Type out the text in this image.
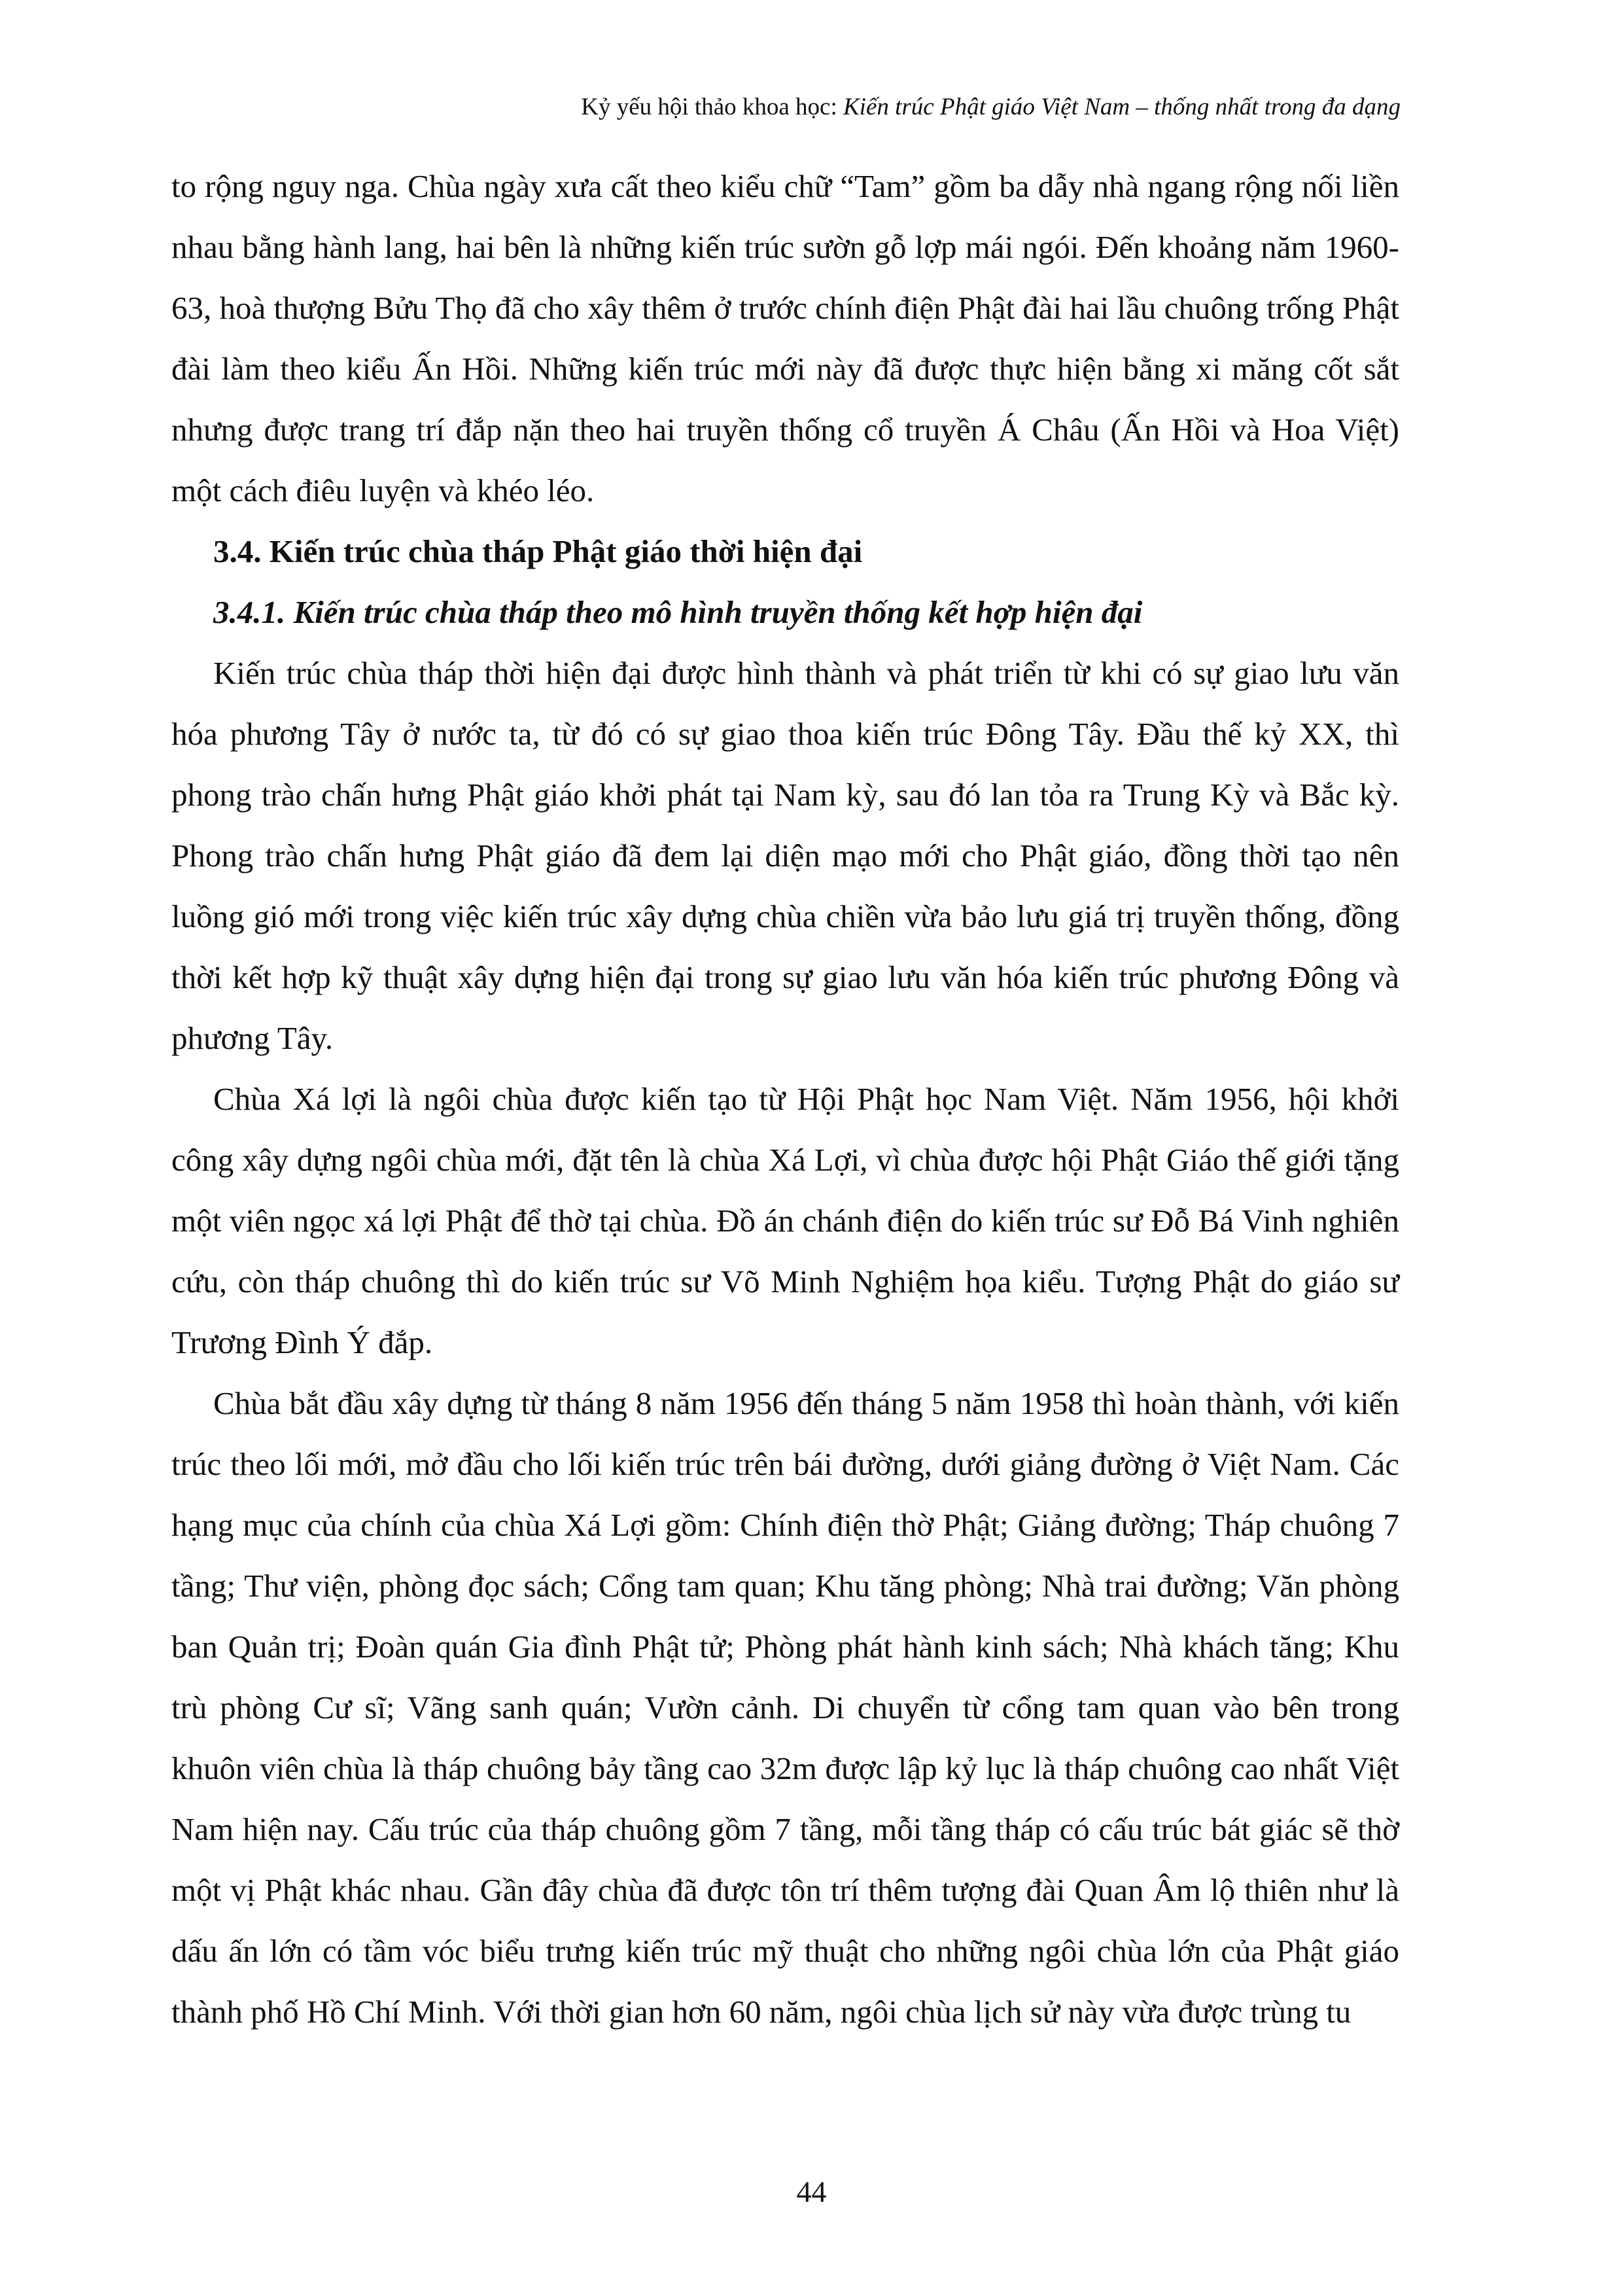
Kỷ yếu hội thảo khoa học: Kiến trúc Phật giáo Việt Nam – thống nhất trong đa dạng

to rộng nguy nga. Chùa ngày xưa cất theo kiểu chữ “Tam” gồm ba dẫy nhà ngang rộng nối liền nhau bằng hành lang, hai bên là những kiến trúc sườn gỗ lợp mái ngói. Đến khoảng năm 1960- 63, hoà thượng Bửu Thọ đã cho xây thêm ở trước chính điện Phật đài hai lầu chuông trống Phật đài làm theo kiểu Ấn Hồi. Những kiến trúc mới này đã được thực hiện bằng xi măng cốt sắt nhưng được trang trí đắp nặn theo hai truyền thống cổ truyền Á Châu (Ấn Hồi và Hoa Việt) một cách điêu luyện và khéo léo.

3.4. Kiến trúc chùa tháp Phật giáo thời hiện đại

3.4.1. Kiến trúc chùa tháp theo mô hình truyền thống kết hợp hiện đại

Kiến trúc chùa tháp thời hiện đại được hình thành và phát triển từ khi có sự giao lưu văn hóa phương Tây ở nước ta, từ đó có sự giao thoa kiến trúc Đông Tây. Đầu thế kỷ XX, thì phong trào chấn hưng Phật giáo khởi phát tại Nam kỳ, sau đó lan tỏa ra Trung Kỳ và Bắc kỳ. Phong trào chấn hưng Phật giáo đã đem lại diện mạo mới cho Phật giáo, đồng thời tạo nên luồng gió mới trong việc kiến trúc xây dựng chùa chiền vừa bảo lưu giá trị truyền thống, đồng thời kết hợp kỹ thuật xây dựng hiện đại trong sự giao lưu văn hóa kiến trúc phương Đông và phương Tây.

Chùa Xá lợi là ngôi chùa được kiến tạo từ Hội Phật học Nam Việt. Năm 1956, hội khởi công xây dựng ngôi chùa mới, đặt tên là chùa Xá Lợi, vì chùa được hội Phật Giáo thế giới tặng một viên ngọc xá lợi Phật để thờ tại chùa. Đồ án chánh điện do kiến trúc sư Đỗ Bá Vinh nghiên cứu, còn tháp chuông thì do kiến trúc sư Võ Minh Nghiệm họa kiểu. Tượng Phật do giáo sư Trương Đình Ý đắp.

Chùa bắt đầu xây dựng từ tháng 8 năm 1956 đến tháng 5 năm 1958 thì hoàn thành, với kiến trúc theo lối mới, mở đầu cho lối kiến trúc trên bái đường, dưới giảng đường ở Việt Nam. Các hạng mục của chính của chùa Xá Lợi gồm: Chính điện thờ Phật; Giảng đường; Tháp chuông 7 tầng; Thư viện, phòng đọc sách; Cổng tam quan; Khu tăng phòng; Nhà trai đường; Văn phòng ban Quản trị; Đoàn quán Gia đình Phật tử; Phòng phát hành kinh sách; Nhà khách tăng; Khu trù phòng Cư sĩ; Vãng sanh quán; Vườn cảnh. Di chuyển từ cổng tam quan vào bên trong khuôn viên chùa là tháp chuông bảy tầng cao 32m được lập kỷ lục là tháp chuông cao nhất Việt Nam hiện nay. Cấu trúc của tháp chuông gồm 7 tầng, mỗi tầng tháp có cấu trúc bát giác sẽ thờ một vị Phật khác nhau. Gần đây chùa đã được tôn trí thêm tượng đài Quan Âm lộ thiên như là dấu ấn lớn có tầm vóc biểu trưng kiến trúc mỹ thuật cho những ngôi chùa lớn của Phật giáo thành phố Hồ Chí Minh. Với thời gian hơn 60 năm, ngôi chùa lịch sử này vừa được trùng tu

44
